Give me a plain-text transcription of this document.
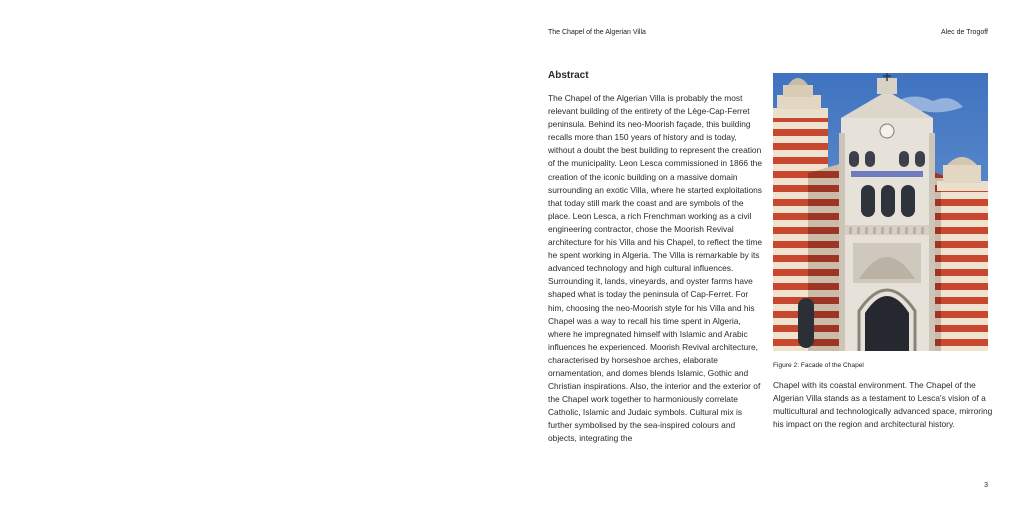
The Chapel of the Algerian Villa	Alec de Trogoff
Abstract

The Chapel of the Algerian Villa is probably the most relevant building of the entirety of the Lège-Cap-Ferret peninsula. Behind its neo-Moorish façade, this building recalls more than 150 years of history and is today, without a doubt the best building to represent the creation of the municipality. Leon Lesca commissioned in 1866 the creation of the iconic building on a massive domain surrounding an exotic Villa, where he started exploitations that today still mark the coast and are symbols of the place. Leon Lesca, a rich Frenchman working as a civil engineering contractor, chose the Moorish Revival architecture for his Villa and his Chapel, to reflect the time he spent working in Algeria. The Villa is remarkable by its advanced technology and high cultural influences. Surrounding it, lands, vineyards, and oyster farms have shaped what is today the peninsula of Cap-Ferret. For him, choosing the neo-Moorish style for his Villa and his Chapel was a way to recall his time spent in Algeria, where he impregnated himself with Islamic and Arabic influences he experienced. Moorish Revival architecture, characterised by horseshoe arches, elaborate ornamentation, and domes blends Islamic, Gothic and Christian inspirations. Also, the interior and the exterior of the Chapel work together to harmoniously correlate Catholic, Islamic and Judaic symbols. Cultural mix is further symbolised by the sea-inspired colours and objects, integrating the

Figure 2: Facade of the Chapel

Chapel with its coastal environment. The Chapel of the Algerian Villa stands as a testament to Lesca's vision of a multicultural and technologically advanced space, mirroring his impact on the region and architectural history.

3
